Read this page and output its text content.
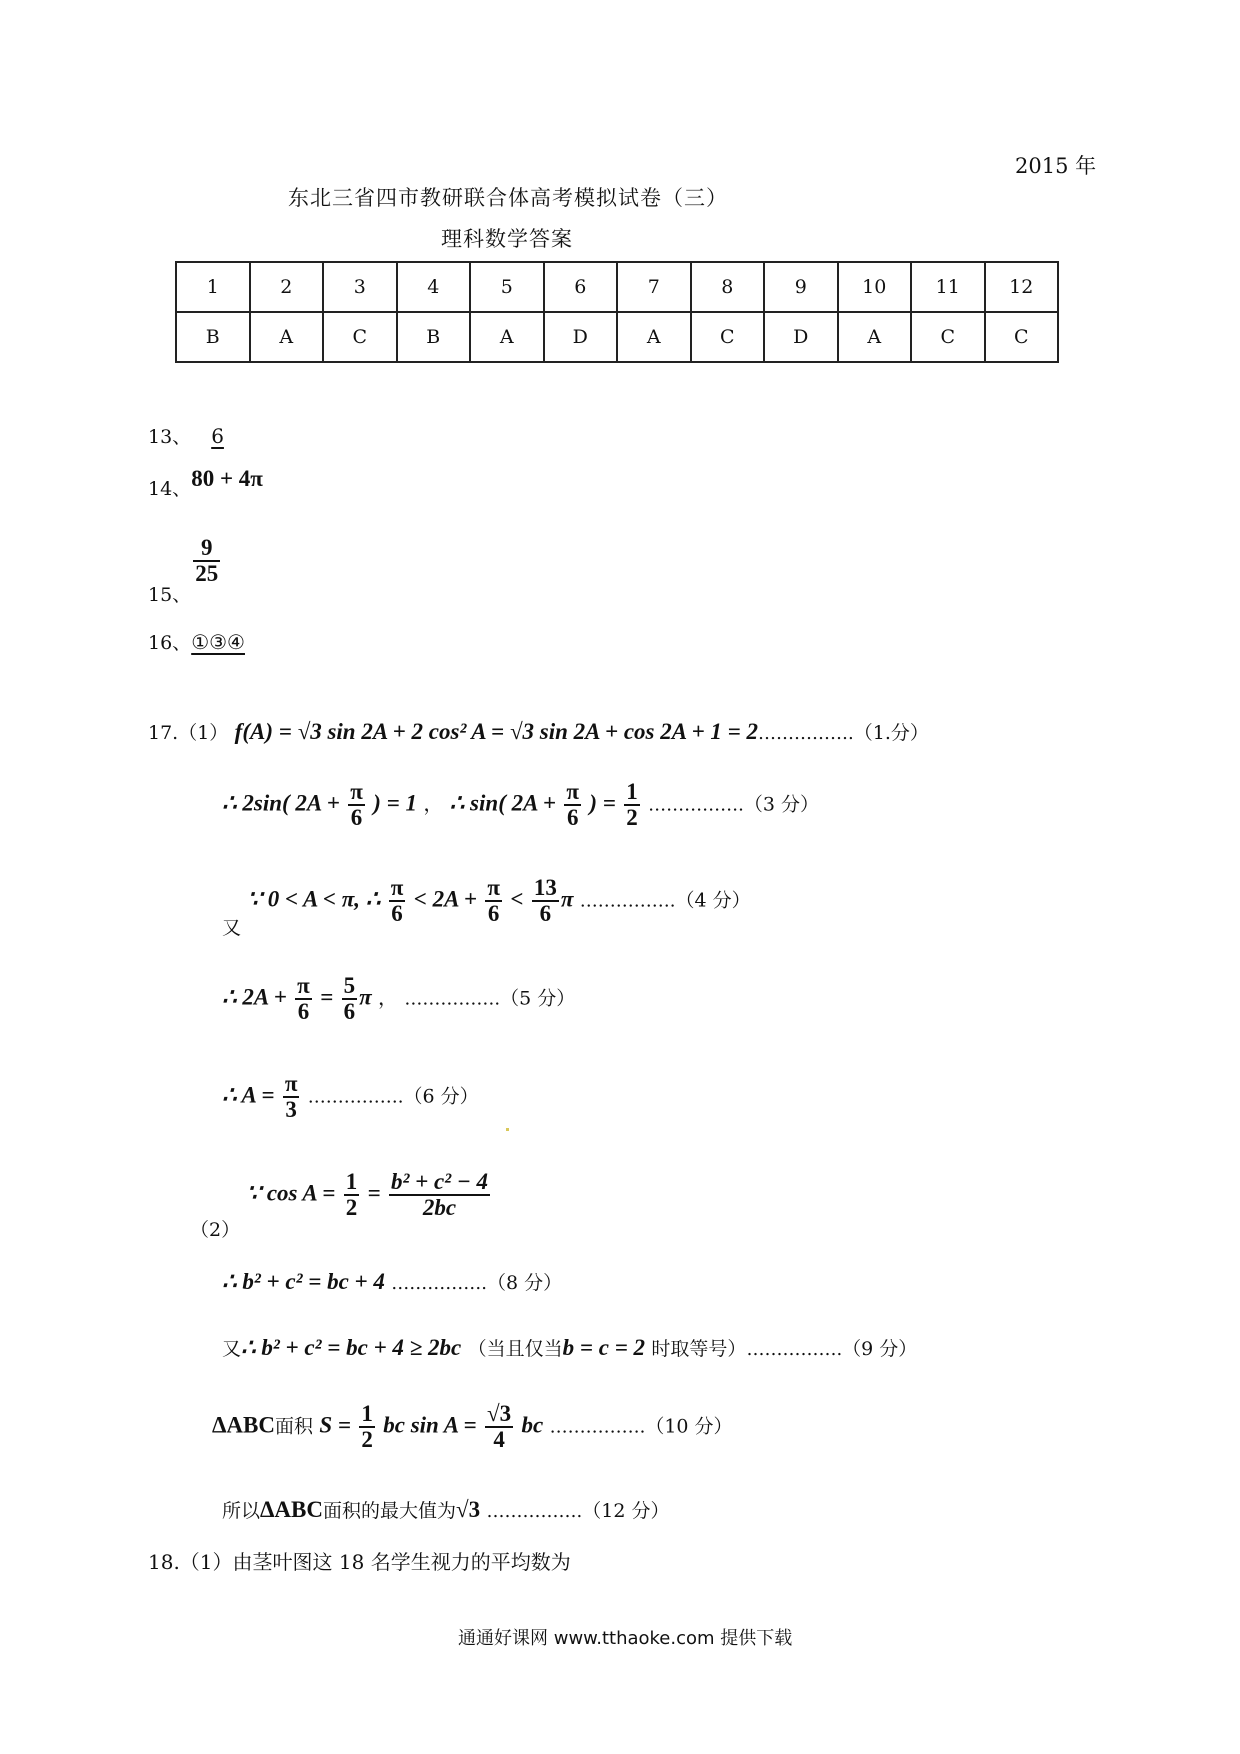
2015 年
东北三省四市教研联合体高考模拟试卷（三）
理科数学答案
1	2	3	4	5	6	7	8	9	10	11	12
B	A	C	B	A	D	A	C	D	A	C	C
13、 6
14、80 + 4π
15、
$\frac{9}{25}$
16、①③④
17.（1） f(A) = √3 sin 2A + 2 cos² A = √3 sin 2A + cos 2A + 1 = 2…………….（1.分）
∴ 2sin( $2A + \frac{\pi}{6}$ ) = 1 ， ∴ sin( $2A + \frac{\pi}{6}$ ) = $\frac{1}{2}$ …………….（3 分）
又 ∵ 0 < A < π, ∴ $\frac{\pi}{6} < 2A + \frac{\pi}{6} < \frac{13}{6}$ π …………….（4 分）
∴ $2A + \frac{\pi}{6} = \frac{5}{6}$ π ， …………….（5 分）
∴ $A = \frac{\pi}{3}$ …………….（6 分）
（2） ∵ $\cos A = \frac{1}{2} = \frac{\text{b² + c² − 4}}{2bc}$
∴ b² + c² = bc + 4 …………….（8 分）
又∴ b² + c² = bc + 4 ≥ 2bc （当且仅当b = c = 2 时取等号）…………….（9 分）
ΔABC面积 $S = \frac{1}{2}$ bc $\sin A = \frac{√3}{4}$ bc …………….（10 分）
所以ΔABC面积的最大值为√3 …………….（12 分）
18.（1）由茎叶图这 18 名学生视力的平均数为
通通好课网 www.tthaoke.com 提供下载
